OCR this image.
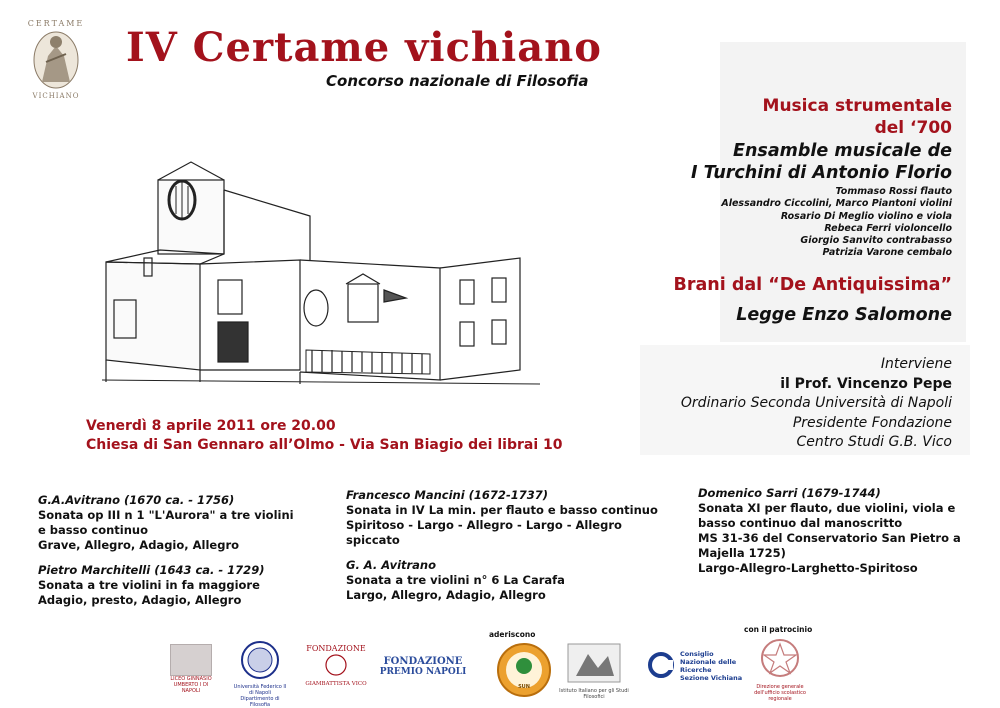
CERTAME
VICHIANO
IV Certame vichiano
Concorso nazionale di Filosofia
Musica strumentale
del ‘700
Ensamble musicale de
I Turchini di Antonio Florio
Tommaso Rossi flauto
Alessandro Ciccolini, Marco Piantoni violini
Rosario Di Meglio violino e viola
Rebeca Ferri violoncello
Giorgio Sanvito contrabasso
Patrizia Varone cembalo
Brani dal “De Antiquissima”
Legge Enzo Salomone
Interviene
il Prof. Vincenzo Pepe
Ordinario Seconda Università di Napoli
Presidente Fondazione
Centro Studi G.B. Vico
Venerdì 8 aprile 2011 ore 20.00
Chiesa di San Gennaro all’Olmo - Via San Biagio dei librai 10
G.A.Avitrano (1670 ca. - 1756)
Sonata op III n 1 "L'Aurora" a tre violini
e basso continuo
Grave, Allegro, Adagio, Allegro
Pietro Marchitelli (1643 ca. - 1729)
Sonata a tre violini in fa maggiore
Adagio, presto, Adagio, Allegro
Francesco Mancini (1672-1737)
Sonata in IV La min. per flauto e basso continuo
Spiritoso - Largo - Allegro - Largo - Allegro
spiccato
G. A. Avitrano
Sonata a tre violini n° 6 La Carafa
Largo, Allegro, Adagio, Allegro
Domenico Sarri (1679-1744)
Sonata XI per flauto, due violini, viola e
basso continuo dal manoscritto
MS 31-36 del Conservatorio San Pietro a
Majella 1725)
Largo-Allegro-Larghetto-Spiritoso
aderiscono
con il patrocinio
LICEO GINNASIO UMBERTO I DI NAPOLI
Università Federico II di Napoli Dipartimento di Filosofia
FONDAZIONE
GIAMBATTISTA VICO
FONDAZIONE
PREMIO NAPOLI
SUN
Istituto Italiano per gli Studi Filosofici
Consiglio
Nazionale delle
Ricerche
Sezione Vichiana
Direzione generale dell'ufficio scolastico regionale
